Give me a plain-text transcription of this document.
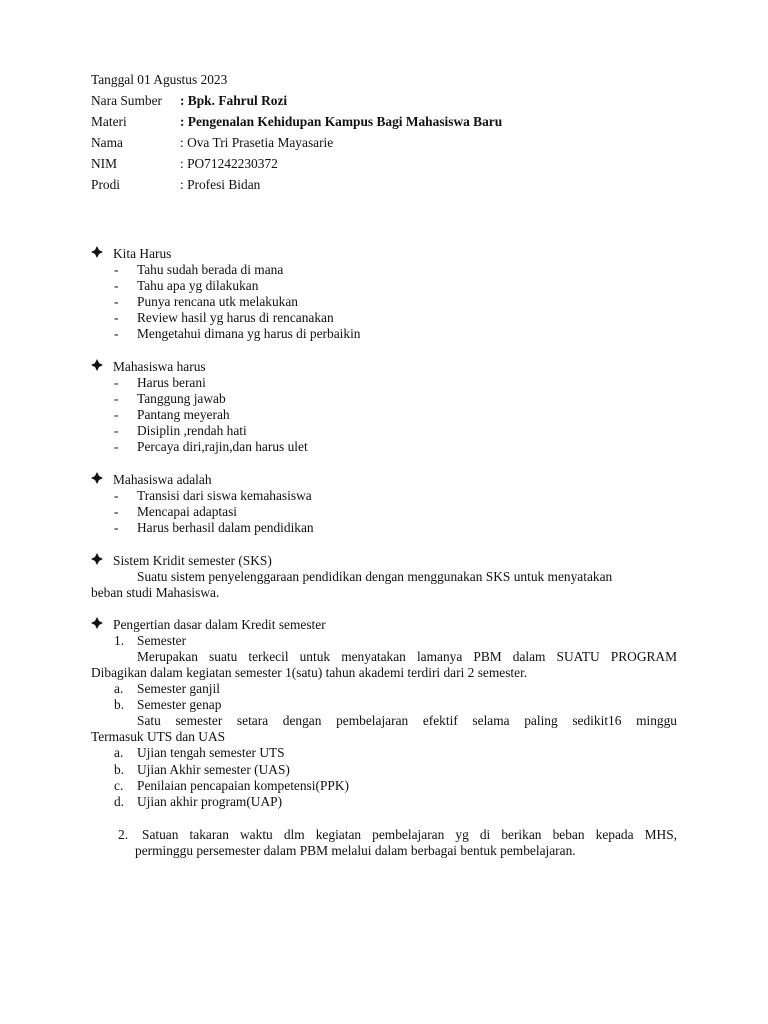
Tanggal 01 Agustus 2023
Nara Sumber : Bpk. Fahrul Rozi
Materi	: Pengenalan Kehidupan Kampus Bagi Mahasiswa Baru
Nama	: Ova Tri Prasetia Mayasarie
NIM	: PO71242230372
Prodi	: Profesi Bidan
Kita Harus
- Tahu sudah berada di mana
- Tahu apa yg dilakukan
- Punya rencana utk melakukan
- Review hasil yg harus di rencanakan
- Mengetahui dimana yg harus di perbaikin
Mahasiswa harus
- Harus berani
- Tanggung jawab
- Pantang meyerah
- Disiplin ,rendah hati
- Percaya diri,rajin,dan harus ulet
Mahasiswa adalah
- Transisi dari siswa kemahasiswa
- Mencapai adaptasi
- Harus berhasil dalam pendidikan
Sistem Kridit semester (SKS)
Suatu sistem penyelenggaraan pendidikan dengan menggunakan SKS untuk menyatakan
beban studi Mahasiswa.
Pengertian dasar dalam Kredit semester
1. Semester
Merupakan suatu terkecil untuk menyatakan lamanya PBM dalam SUATU PROGRAM
Dibagikan dalam kegiatan semester 1(satu) tahun akademi terdiri dari 2 semester.
a. Semester ganjil
b. Semester genap
Satu semester setara dengan pembelajaran efektif selama paling sedikit16 minggu
Termasuk UTS dan UAS
a. Ujian tengah semester UTS
b. Ujian Akhir semester (UAS)
c. Penilaian pencapaian kompetensi(PPK)
d. Ujian akhir program(UAP)
2. Satuan takaran waktu dlm kegiatan pembelajaran yg di berikan beban kepada MHS,
perminggu persemester dalam PBM melalui dalam berbagai bentuk pembelajaran.
